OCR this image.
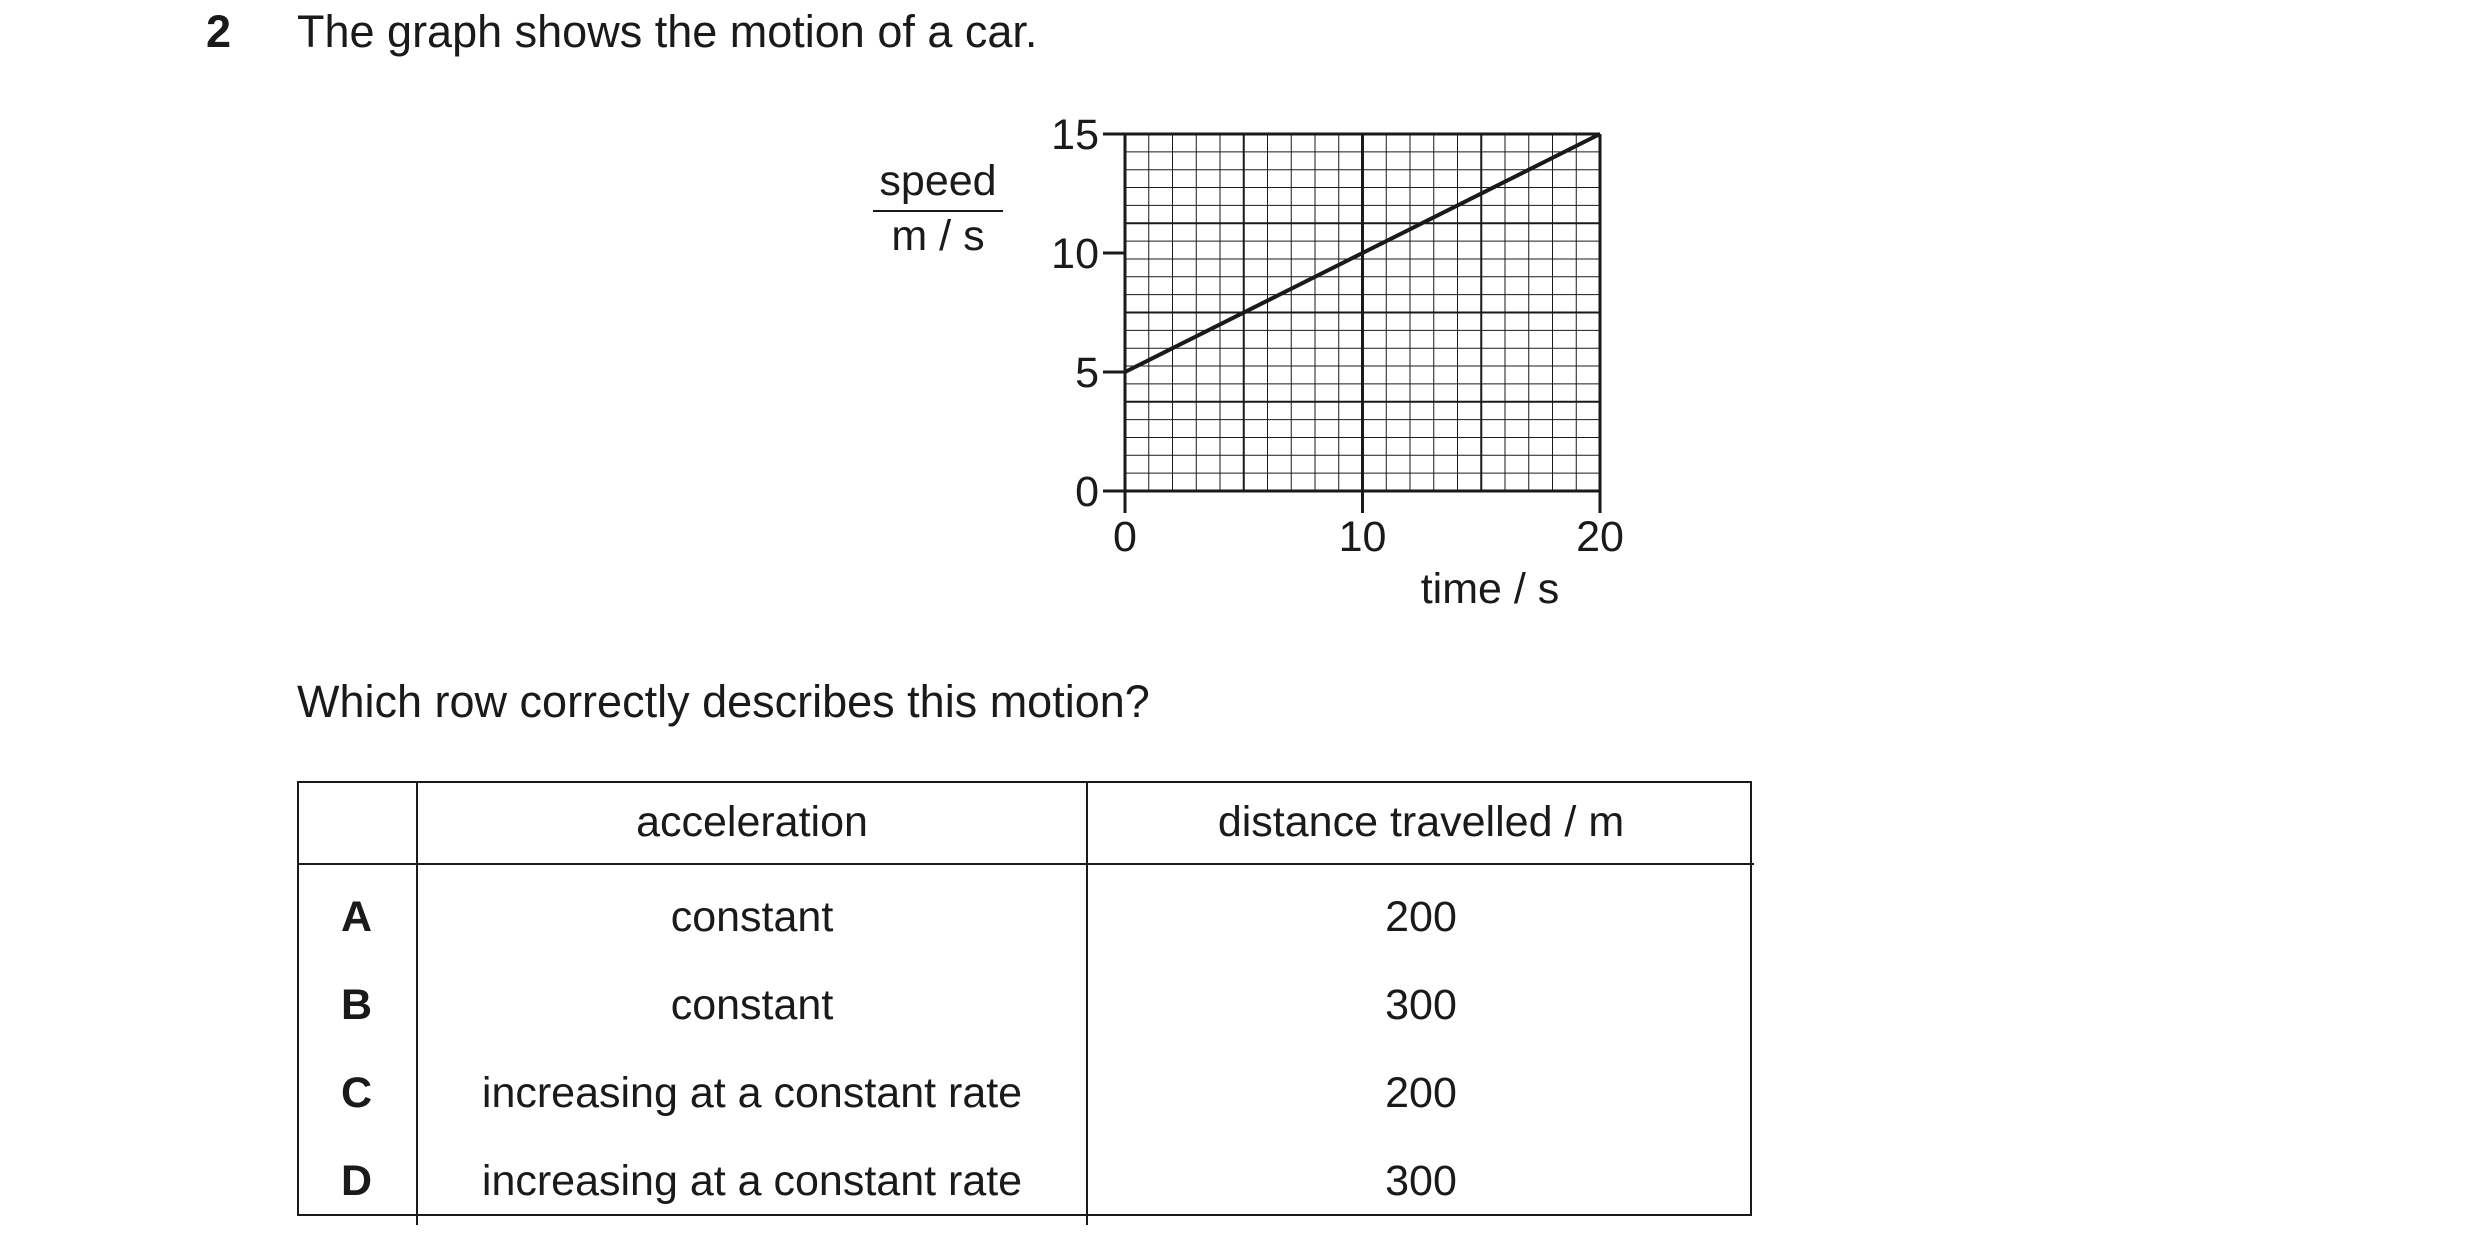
2 The graph shows the motion of a car.
0
5
10
15
0	10	20
speed
m / s
time / s
Which row correctly describes this motion?
	acceleration	distance travelled / m
A	constant	200
B	constant	300
C	increasing at a constant rate	200
D	increasing at a constant rate	300
